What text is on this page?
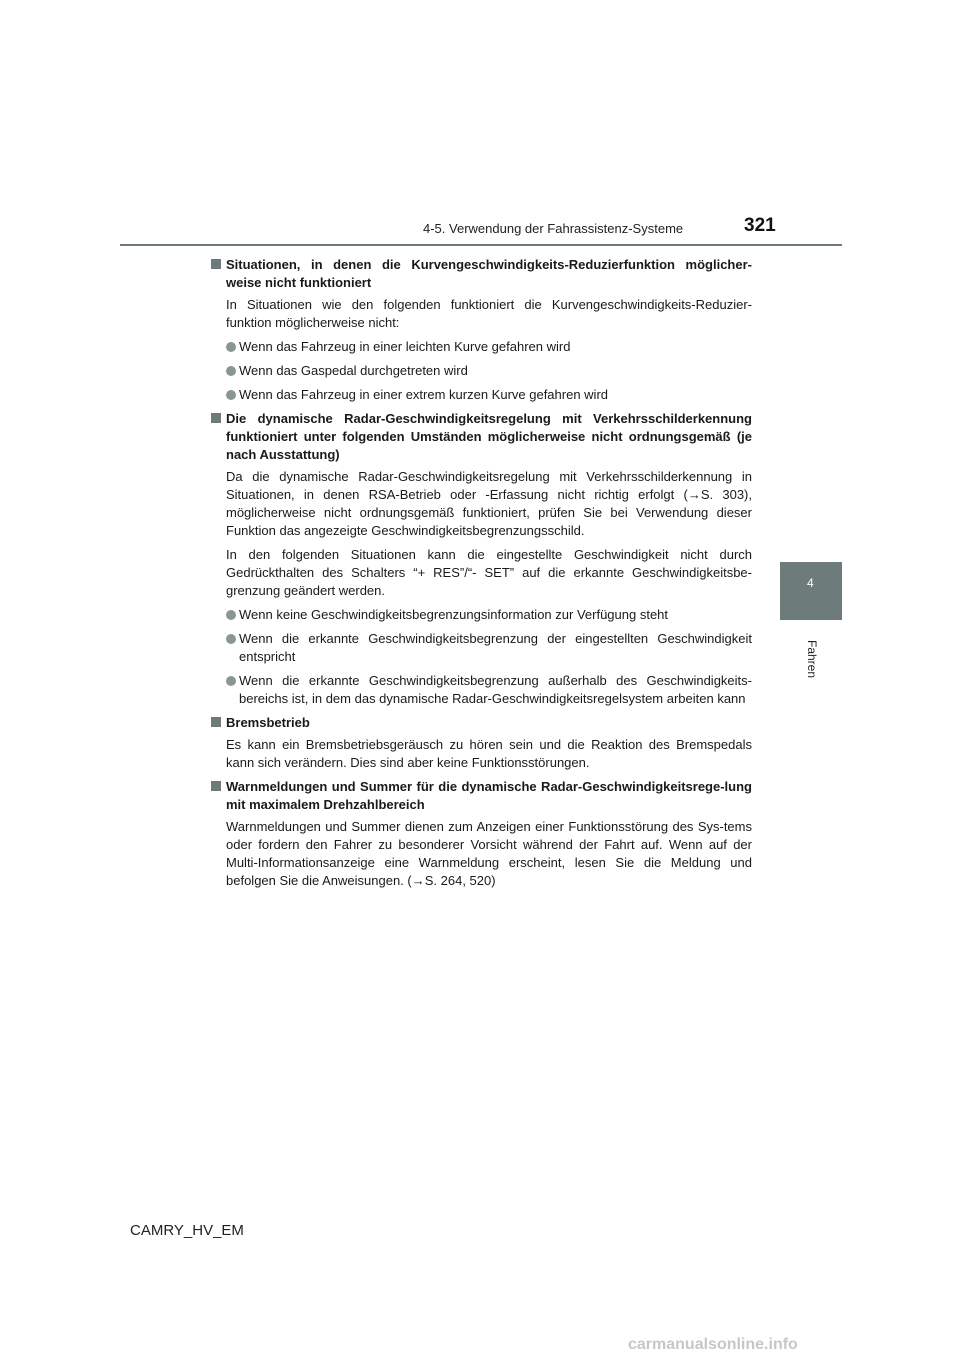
4-5. Verwendung der Fahrassistenz-Systeme	321
4
Fahren
Situationen, in denen die Kurvengeschwindigkeits-Reduzierfunktion möglicher-weise nicht funktioniert

In Situationen wie den folgenden funktioniert die Kurvengeschwindigkeits-Reduzier-funktion möglicherweise nicht:

Wenn das Fahrzeug in einer leichten Kurve gefahren wird
Wenn das Gaspedal durchgetreten wird
Wenn das Fahrzeug in einer extrem kurzen Kurve gefahren wird
Die dynamische Radar-Geschwindigkeitsregelung mit Verkehrsschilderkennung funktioniert unter folgenden Umständen möglicherweise nicht ordnungsgemäß (je nach Ausstattung)

Da die dynamische Radar-Geschwindigkeitsregelung mit Verkehrsschilderkennung in Situationen, in denen RSA-Betrieb oder -Erfassung nicht richtig erfolgt (→S. 303), möglicherweise nicht ordnungsgemäß funktioniert, prüfen Sie bei Verwendung dieser Funktion das angezeigte Geschwindigkeitsbegrenzungsschild.

In den folgenden Situationen kann die eingestellte Geschwindigkeit nicht durch Gedrückthalten des Schalters “+ RES”/“- SET” auf die erkannte Geschwindigkeitsbe-grenzung geändert werden.

Wenn keine Geschwindigkeitsbegrenzungsinformation zur Verfügung steht
Wenn die erkannte Geschwindigkeitsbegrenzung der eingestellten Geschwindigkeit entspricht
Wenn die erkannte Geschwindigkeitsbegrenzung außerhalb des Geschwindigkeits-bereichs ist, in dem das dynamische Radar-Geschwindigkeitsregelsystem arbeiten kann
Bremsbetrieb

Es kann ein Bremsbetriebsgeräusch zu hören sein und die Reaktion des Bremspedals kann sich verändern. Dies sind aber keine Funktionsstörungen.

Warnmeldungen und Summer für die dynamische Radar-Geschwindigkeitsrege-lung mit maximalem Drehzahlbereich

Warnmeldungen und Summer dienen zum Anzeigen einer Funktionsstörung des Sys-tems oder fordern den Fahrer zu besonderer Vorsicht während der Fahrt auf. Wenn auf der Multi-Informationsanzeige eine Warnmeldung erscheint, lesen Sie die Meldung und befolgen Sie die Anweisungen. (→S. 264, 520)

CAMRY_HV_EM
carmanualsonline.info
